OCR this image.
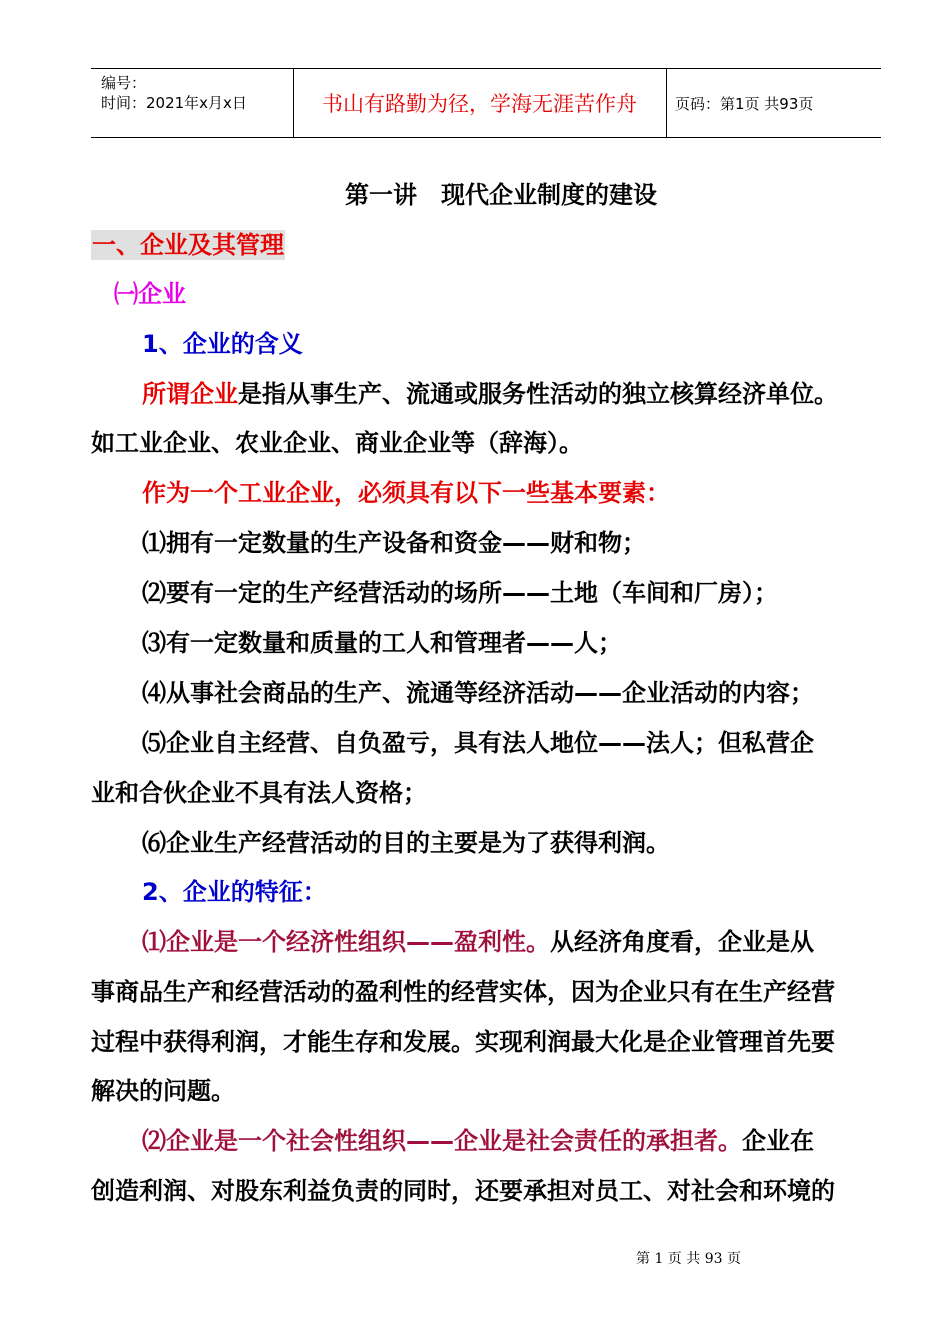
编号：
时间：2021年x月x日	书山有路勤为径，学海无涯苦作舟	页码：第1页 共93页
第一讲　现代企业制度的建设
一、企业及其管理
㈠企业
1、企业的含义
所谓企业是指从事生产、流通或服务性活动的独立核算经济单位。
如工业企业、农业企业、商业企业等（辞海）。
作为一个工业企业，必须具有以下一些基本要素：
⑴拥有一定数量的生产设备和资金——财和物；
⑵要有一定的生产经营活动的场所——土地（车间和厂房）；
⑶有一定数量和质量的工人和管理者——人；
⑷从事社会商品的生产、流通等经济活动——企业活动的内容；
⑸企业自主经营、自负盈亏，具有法人地位——法人；但私营企
业和合伙企业不具有法人资格；
⑹企业生产经营活动的目的主要是为了获得利润。
2、企业的特征：
⑴企业是一个经济性组织——盈利性。从经济角度看，企业是从
事商品生产和经营活动的盈利性的经营实体，因为企业只有在生产经营
过程中获得利润，才能生存和发展。实现利润最大化是企业管理首先要
解决的问题。
⑵企业是一个社会性组织——企业是社会责任的承担者。企业在
创造利润、对股东利益负责的同时，还要承担对员工、对社会和环境的
第 1 页 共 93 页
